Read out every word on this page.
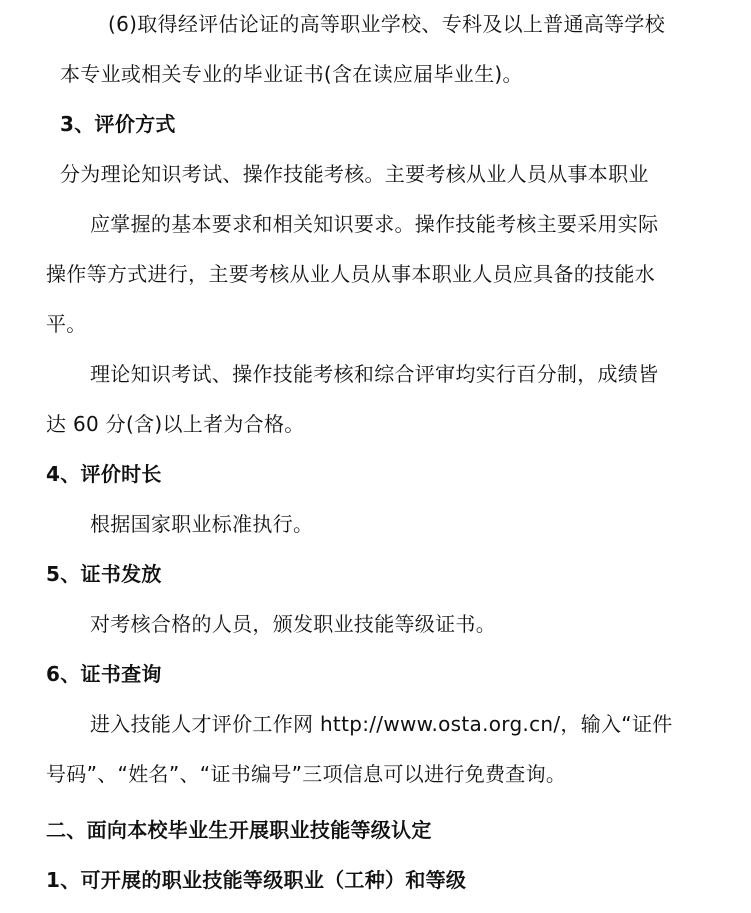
(6)取得经评估论证的高等职业学校、专科及以上普通高等学校
本专业或相关专业的毕业证书(含在读应届毕业生)。
3、评价方式
分为理论知识考试、操作技能考核。主要考核从业人员从事本职业
应掌握的基本要求和相关知识要求。操作技能考核主要采用实际
操作等方式进行，主要考核从业人员从事本职业人员应具备的技能水
平。
理论知识考试、操作技能考核和综合评审均实行百分制，成绩皆
达 60 分(含)以上者为合格。
4、评价时长
根据国家职业标准执行。
5、证书发放
对考核合格的人员，颁发职业技能等级证书。
6、证书查询
进入技能人才评价工作网 http://www.osta.org.cn/，输入“证件
号码”、“姓名”、“证书编号”三项信息可以进行免费查询。
二、面向本校毕业生开展职业技能等级认定
1、可开展的职业技能等级职业（工种）和等级
